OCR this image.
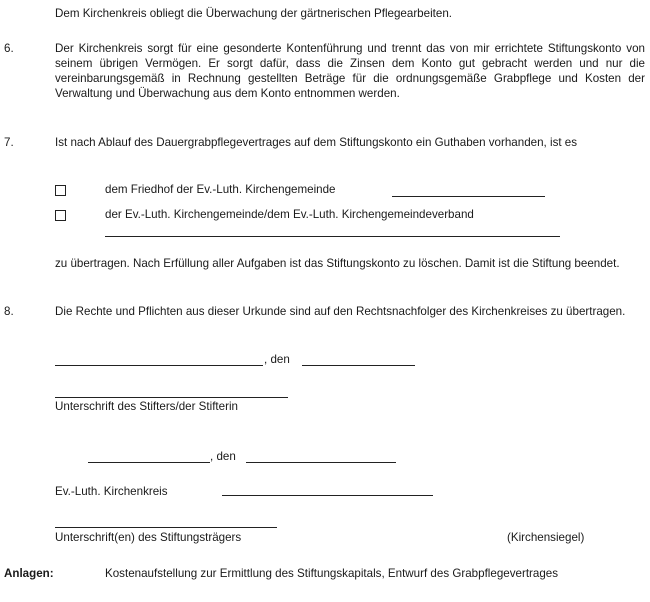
Dem Kirchenkreis obliegt die Überwachung der gärtnerischen Pflegearbeiten.
6.	Der Kirchenkreis sorgt für eine gesonderte Kontenführung und trennt das von mir errichtete Stiftungskonto von seinem übrigen Vermögen. Er sorgt dafür, dass die Zinsen dem Konto gut gebracht werden und nur die vereinbarungsgemäß in Rechnung gestellten Beträge für die ordnungsgemäße Grabpflege und Kosten der Verwaltung und Überwachung aus dem Konto entnommen werden.
7.	Ist nach Ablauf des Dauergrabpflegevertrages auf dem Stiftungskonto ein Guthaben vorhanden, ist es
dem Friedhof der Ev.-Luth. Kirchengemeinde
der Ev.-Luth. Kirchengemeinde/dem Ev.-Luth. Kirchengemeindeverband
zu übertragen. Nach Erfüllung aller Aufgaben ist das Stiftungskonto zu löschen. Damit ist die Stiftung beendet.
8.	Die Rechte und Pflichten aus dieser Urkunde sind auf den Rechtsnachfolger des Kirchenkreises zu übertragen.
, den
Unterschrift des Stifters/der Stifterin
, den
Ev.-Luth. Kirchenkreis
Unterschrift(en) des Stiftungsträgers	(Kirchensiegel)
Anlagen:	Kostenaufstellung zur Ermittlung des Stiftungskapitals, Entwurf des Grabpflegevertrages
